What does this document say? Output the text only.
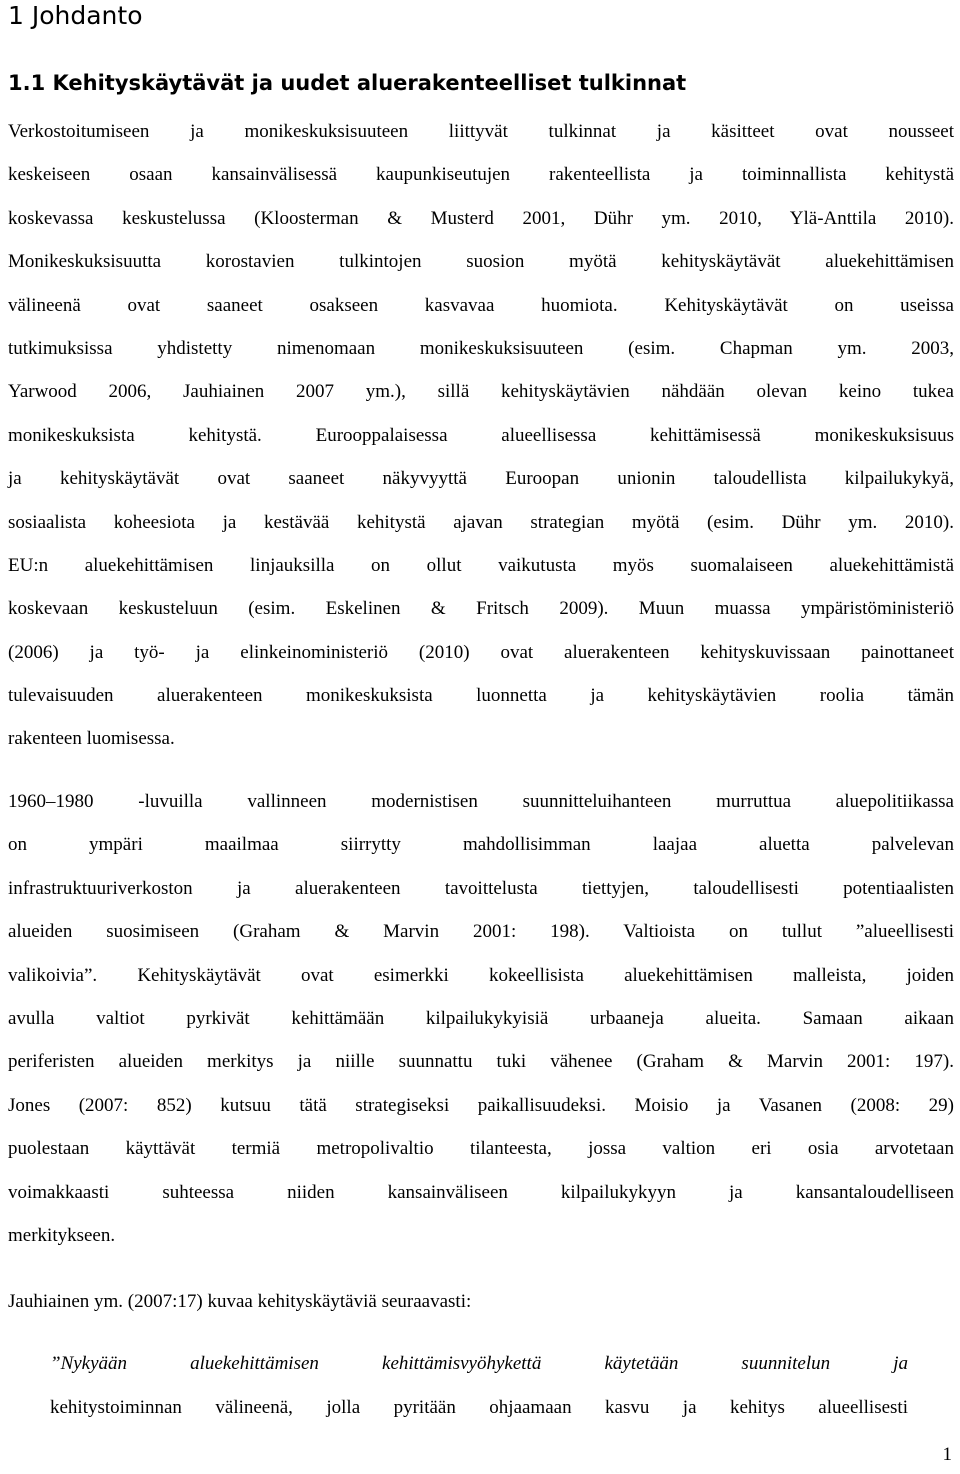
1 Johdanto
1.1 Kehityskäytävät ja uudet aluerakenteelliset tulkinnat
Verkostoitumiseen ja monikeskuksisuuteen liittyvät tulkinnat ja käsitteet ovat nousseet
keskeiseen osaan kansainvälisessä kaupunkiseutujen rakenteellista ja toiminnallista kehitystä
koskevassa keskustelussa (Kloosterman & Musterd 2001, Dühr ym. 2010, Ylä-Anttila 2010).
Monikeskuksisuutta korostavien tulkintojen suosion myötä kehityskäytävät aluekehittämisen
välineenä ovat saaneet osakseen kasvavaa huomiota. Kehityskäytävät on useissa
tutkimuksissa yhdistetty nimenomaan monikeskuksisuuteen (esim. Chapman ym. 2003,
Yarwood 2006, Jauhiainen 2007 ym.), sillä kehityskäytävien nähdään olevan keino tukea
monikeskuksista kehitystä. Eurooppalaisessa alueellisessa kehittämisessä monikeskuksisuus
ja kehityskäytävät ovat saaneet näkyvyyttä Euroopan unionin taloudellista kilpailukykyä,
sosiaalista koheesiota ja kestävää kehitystä ajavan strategian myötä (esim. Dühr ym. 2010).
EU:n aluekehittämisen linjauksilla on ollut vaikutusta myös suomalaiseen aluekehittämistä
koskevaan keskusteluun (esim. Eskelinen & Fritsch 2009). Muun muassa ympäristöministeriö
(2006) ja työ- ja elinkeinoministeriö (2010) ovat aluerakenteen kehityskuvissaan painottaneet
tulevaisuuden aluerakenteen monikeskuksista luonnetta ja kehityskäytävien roolia tämän
rakenteen luomisessa.
1960–1980 -luvuilla vallinneen modernistisen suunnitteluihanteen murruttua aluepolitiikassa
on ympäri maailmaa siirrytty mahdollisimman laajaa aluetta palvelevan
infrastruktuuriverkoston ja aluerakenteen tavoittelusta tiettyjen, taloudellisesti potentiaalisten
alueiden suosimiseen (Graham & Marvin 2001: 198). Valtioista on tullut ”alueellisesti
valikoivia”. Kehityskäytävät ovat esimerkki kokeellisista aluekehittämisen malleista, joiden
avulla valtiot pyrkivät kehittämään kilpailukykyisiä urbaaneja alueita. Samaan aikaan
periferisten alueiden merkitys ja niille suunnattu tuki vähenee (Graham & Marvin 2001: 197).
Jones (2007: 852) kutsuu tätä strategiseksi paikallisuudeksi. Moisio ja Vasanen (2008: 29)
puolestaan käyttävät termiä metropolivaltio tilanteesta, jossa valtion eri osia arvotetaan
voimakkaasti suhteessa niiden kansainväliseen kilpailukykyyn ja kansantaloudelliseen
merkitykseen.

Jauhiainen ym. (2007:17) kuvaa kehityskäytäviä seuraavasti:

”Nykyään aluekehittämisen kehittämisvyöhykettä käytetään suunnitelun ja
kehitystoiminnan välineenä, jolla pyritään ohjaamaan kasvu ja kehitys alueellisesti

1
